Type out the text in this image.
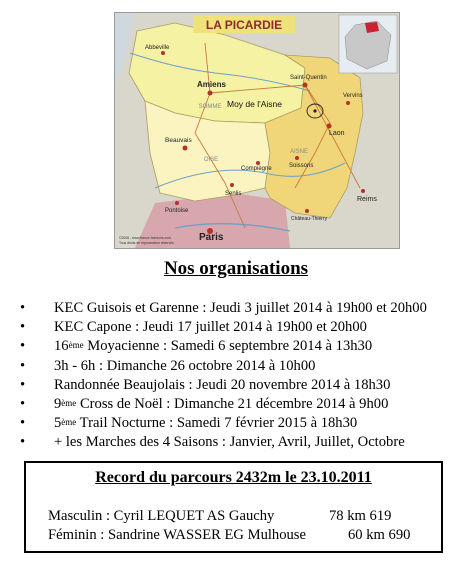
LA PICARDIE
SOMME
OISE
AISNE
Abbeville
Amiens
Saint-Quentin
Vervins
Laon
Beauvais
Compiègne	Soissons
Senlis
Château-Thierry
Reims
Paris
Pontoise
Moy de l'Aisne
©2008 - www.france-horizons.com
Tous droits de reproduction réservés
Nos organisations
• KEC Guisois et Garenne : Jeudi 3 juillet 2014 à 19h00 et 20h00
• KEC Capone : Jeudi 17 juillet 2014 à 19h00 et 20h00
• 16ème Moyacienne : Samedi 6 septembre 2014 à 13h30
• 3h - 6h : Dimanche 26 octobre 2014 à 10h00
• Randonnée Beaujolais : Jeudi 20 novembre 2014 à 18h30
• 9ème Cross de Noël : Dimanche 21 décembre 2014 à 9h00
• 5ème Trail Nocturne : Samedi 7 février 2015 à 18h30
• + les Marches des 4 Saisons : Janvier, Avril, Juillet, Octobre
Record du parcours 2432m le 23.10.2011
Masculin : Cyril LEQUET AS Gauchy	78 km 619
Féminin : Sandrine WASSER EG Mulhouse	60 km 690
